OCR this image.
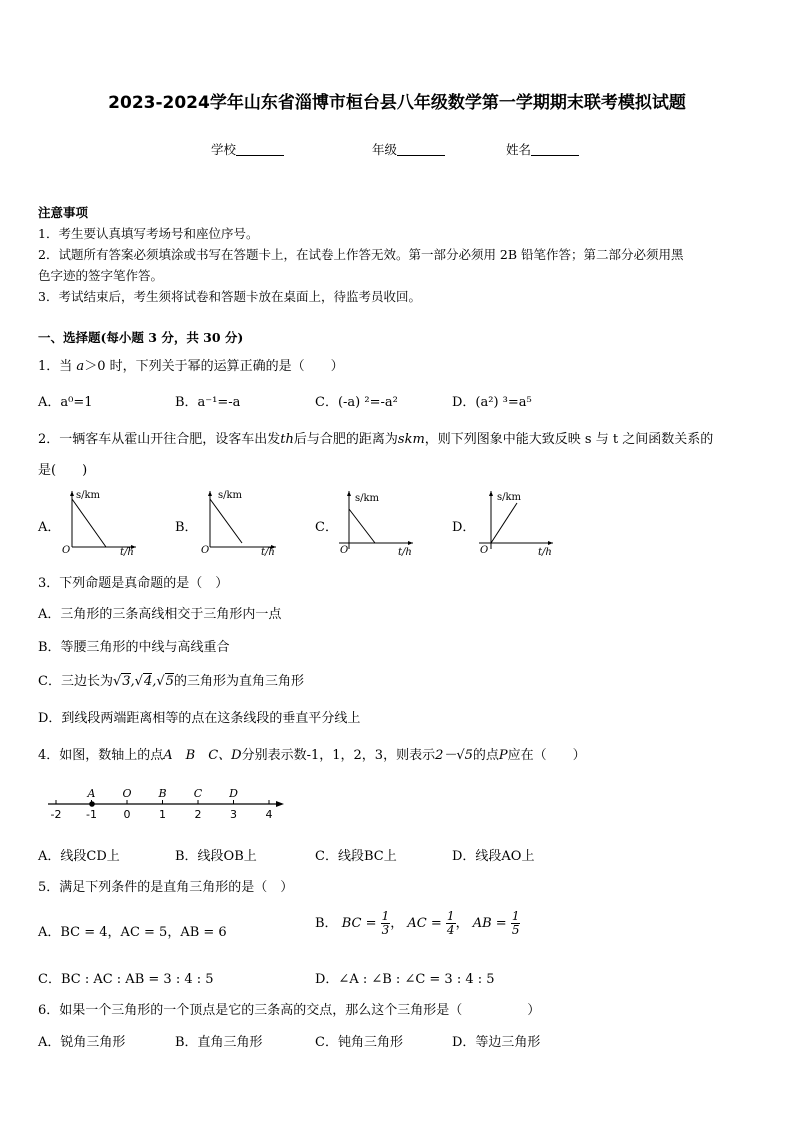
2023-2024学年山东省淄博市桓台县八年级数学第一学期期末联考模拟试题
学校	年级	姓名
注意事项
1．考生要认真填写考场号和座位序号。
2．试题所有答案必须填涂或书写在答题卡上，在试卷上作答无效。第一部分必须用 2B 铅笔作答；第二部分必须用黑
色字迹的签字笔作答。
3．考试结束后，考生须将试卷和答题卡放在桌面上，待监考员收回。
一、选择题(每小题 3 分，共 30 分)
1．当 a＞0 时，下列关于幂的运算正确的是（　　）
A．a⁰=1	B．a⁻¹=-a	C．(-a) ²=-a²	D．(a²) ³=a⁵
2．一辆客车从霍山开往合肥，设客车出发th后与合肥的距离为skm，则下列图象中能大致反映 s 与 t 之间函数关系的
是(　　)
A．	B．	C．	D．
s/km
O	t/h
s/km
O	t/h
s/km
O	t/h
s/km
O	t/h
3．下列命题是真命题的是（　）
A．三角形的三条高线相交于三角形内一点
B．等腰三角形的中线与高线重合
C．三边长为√3,√4,√5的三角形为直角三角形
D．到线段两端距离相等的点在这条线段的垂直平分线上
4．如图，数轴上的点A　B　C、D分别表示数-1，1，2，3，则表示2－√5的点P应在（　　）
-2 -1 0	1	2	3	4
A O B C D
A．线段CD上	B．线段OB上	C．线段BC上	D．线段AO上
5．满足下列条件的是直角三角形的是（　）
A．BC = 4，AC = 5，AB = 6
B． BC = $\frac{1}{3}$ ， AC = $\frac{1}{4}$ ， AB = $\frac{1}{5}$
C．BC : AC : AB = 3 : 4 : 5	D．∠A : ∠B : ∠C = 3 : 4 : 5
6．如果一个三角形的一个顶点是它的三条高的交点，那么这个三角形是（　　　　　）
A．锐角三角形	B．直角三角形	C．钝角三角形	D．等边三角形
